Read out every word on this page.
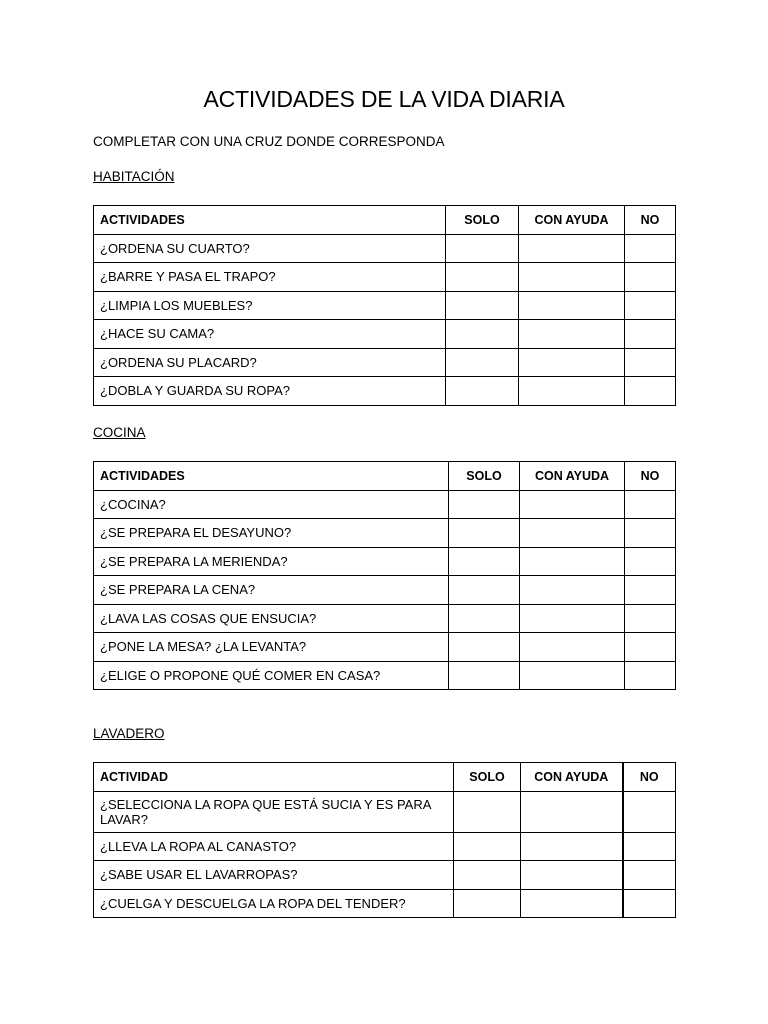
ACTIVIDADES DE LA VIDA DIARIA
COMPLETAR CON UNA CRUZ DONDE CORRESPONDA
HABITACIÓN
ACTIVIDADES	SOLO	CON AYUDA	NO
¿ORDENA SU CUARTO?			
¿BARRE Y PASA EL TRAPO?			
¿LIMPIA LOS MUEBLES?			
¿HACE SU CAMA?			
¿ORDENA SU PLACARD?			
¿DOBLA Y GUARDA SU ROPA?			
COCINA
ACTIVIDADES	SOLO	CON AYUDA	NO
¿COCINA?			
¿SE PREPARA EL DESAYUNO?			
¿SE PREPARA LA MERIENDA?			
¿SE PREPARA LA CENA?			
¿LAVA LAS COSAS QUE ENSUCIA?			
¿PONE LA MESA? ¿LA LEVANTA?			
¿ELIGE O PROPONE QUÉ COMER EN CASA?			
LAVADERO
ACTIVIDAD	SOLO	CON AYUDA	NO
¿SELECCIONA LA ROPA QUE ESTÁ SUCIA Y ES PARA LAVAR?			
¿LLEVA LA ROPA AL CANASTO?			
¿SABE USAR EL LAVARROPAS?			
¿CUELGA Y DESCUELGA LA ROPA DEL TENDER?			
